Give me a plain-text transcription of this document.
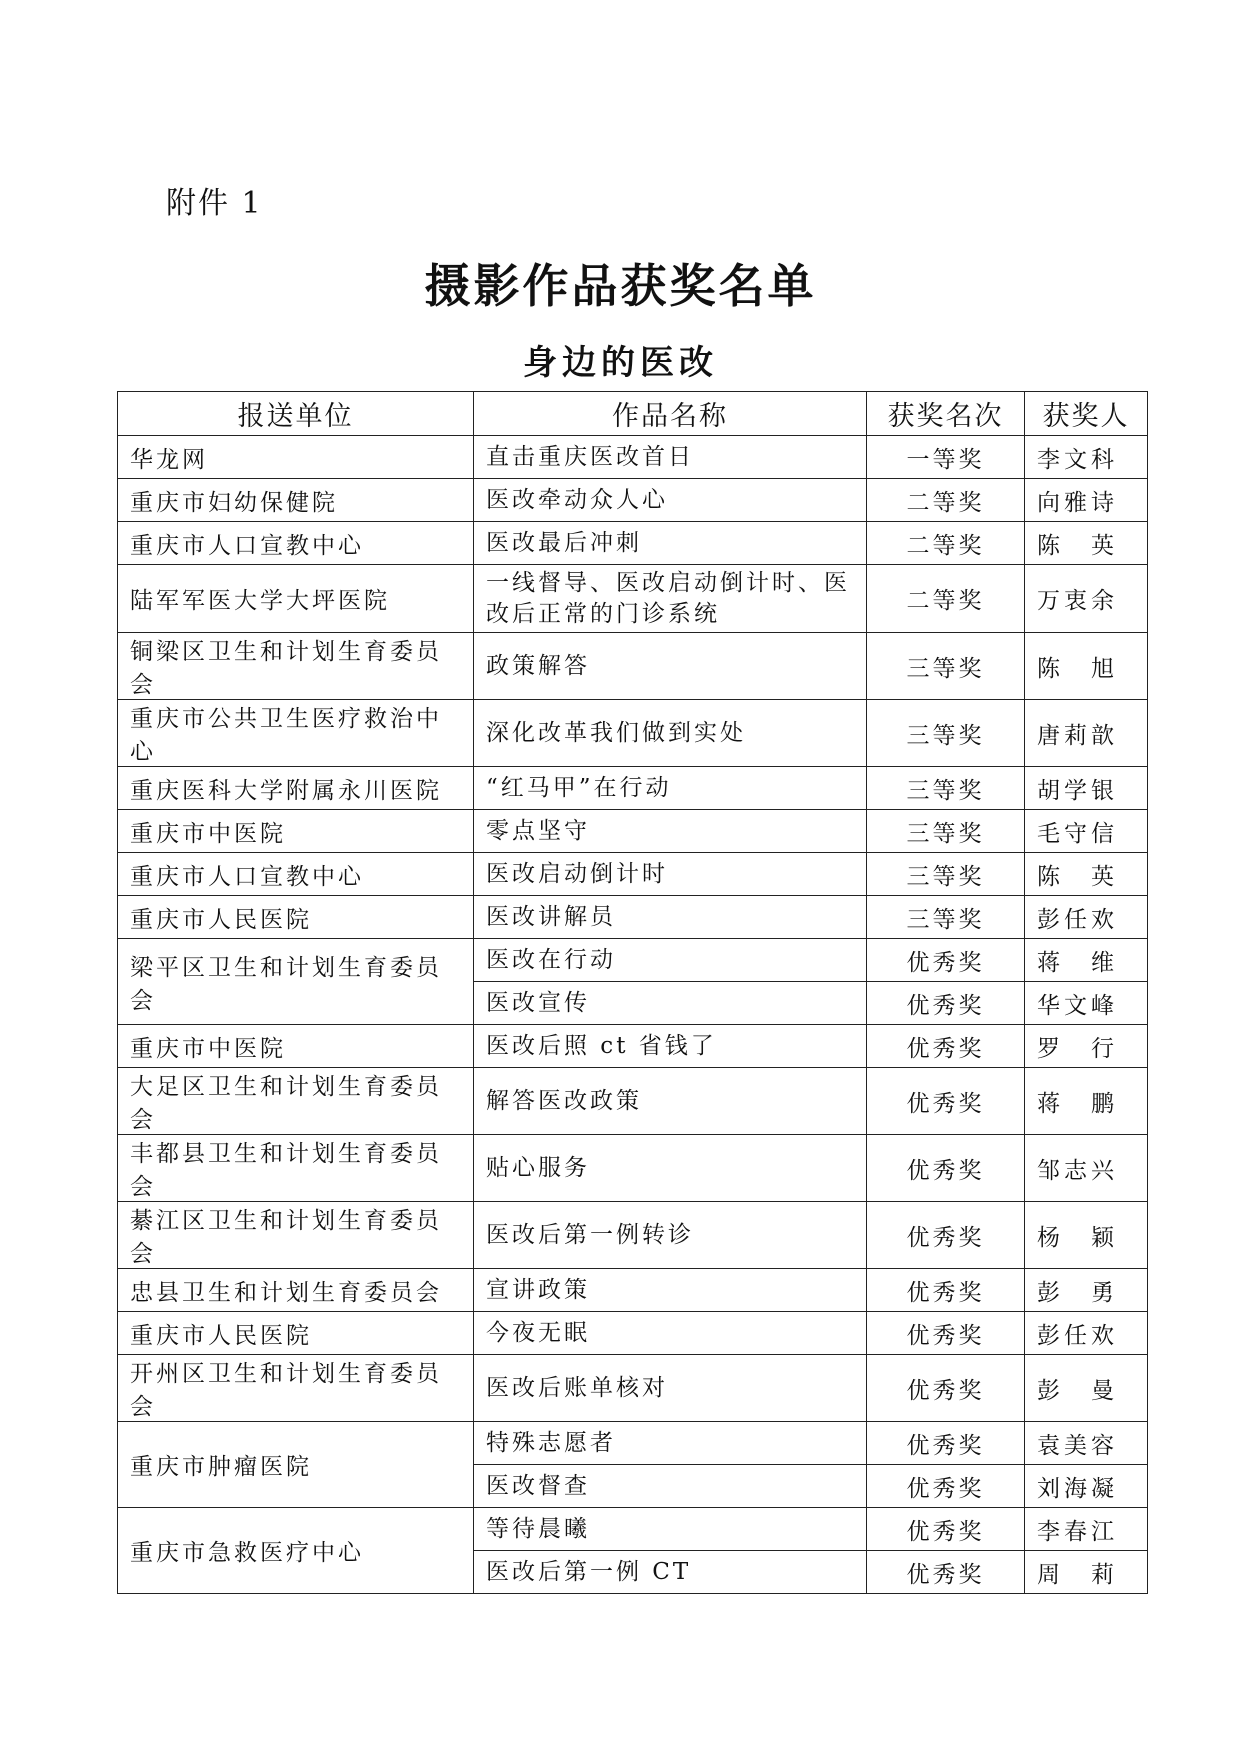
附件 1
摄影作品获奖名单
身边的医改
报送单位	作品名称	获奖名次	获奖人
华龙网	直击重庆医改首日	一等奖	李文科
重庆市妇幼保健院	医改牵动众人心	二等奖	向雅诗
重庆市人口宣教中心	医改最后冲刺	二等奖	陈　英
陆军军医大学大坪医院	一线督导、医改启动倒计时、医改后正常的门诊系统	二等奖	万衷余
铜梁区卫生和计划生育委员会	政策解答	三等奖	陈　旭
重庆市公共卫生医疗救治中心	深化改革我们做到实处	三等奖	唐莉歆
重庆医科大学附属永川医院	“红马甲”在行动	三等奖	胡学银
重庆市中医院	零点坚守	三等奖	毛守信
重庆市人口宣教中心	医改启动倒计时	三等奖	陈　英
重庆市人民医院	医改讲解员	三等奖	彭任欢
梁平区卫生和计划生育委员会	医改在行动	优秀奖	蒋　维
	医改宣传	优秀奖	华文峰
重庆市中医院	医改后照 ct 省钱了	优秀奖	罗　行
大足区卫生和计划生育委员会	解答医改政策	优秀奖	蒋　鹏
丰都县卫生和计划生育委员会	贴心服务	优秀奖	邹志兴
綦江区卫生和计划生育委员会	医改后第一例转诊	优秀奖	杨　颖
忠县卫生和计划生育委员会	宣讲政策	优秀奖	彭　勇
重庆市人民医院	今夜无眠	优秀奖	彭任欢
开州区卫生和计划生育委员会	医改后账单核对	优秀奖	彭　曼
重庆市肿瘤医院	特殊志愿者	优秀奖	袁美容
	医改督查	优秀奖	刘海凝
重庆市急救医疗中心	等待晨曦	优秀奖	李春江
	医改后第一例 CT	优秀奖	周　莉
